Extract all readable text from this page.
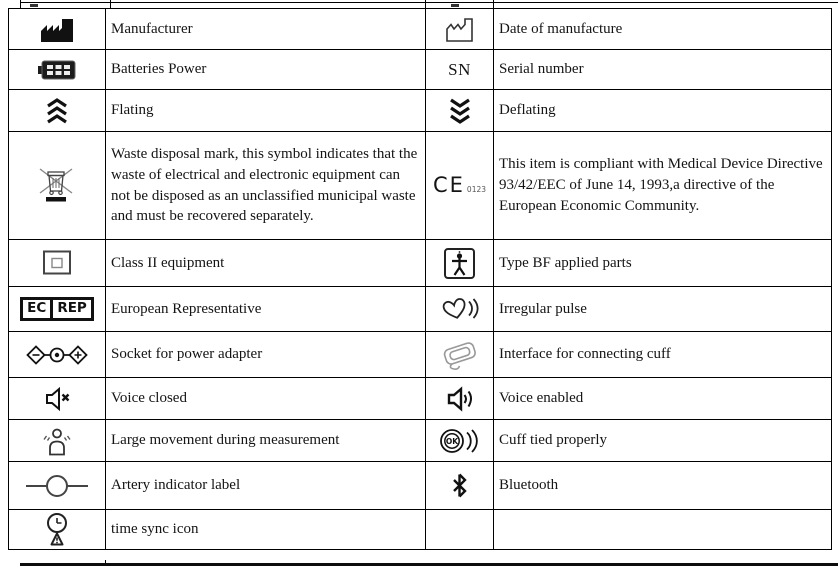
	Manufacturer		Date of manufacture

	Batteries Power	SN	Serial number

	Flating		Deflating

	Waste disposal mark, this symbol indicates that the waste of electrical and electronic equipment can not be disposed as an unclassified municipal waste and must be recovered separately.	CE 0123	This item is compliant with Medical Device Directive 93/42/EEC of June 14, 1993,a directive of the European Economic Community.

	Class II equipment		Type BF applied parts

EC REP	European Representative		Irregular pulse

	Socket for power adapter		Interface for connecting cuff

	Voice closed		Voice enabled

	Large movement during measurement	OK	Cuff tied properly

	Artery indicator label		Bluetooth

	time sync icon		
